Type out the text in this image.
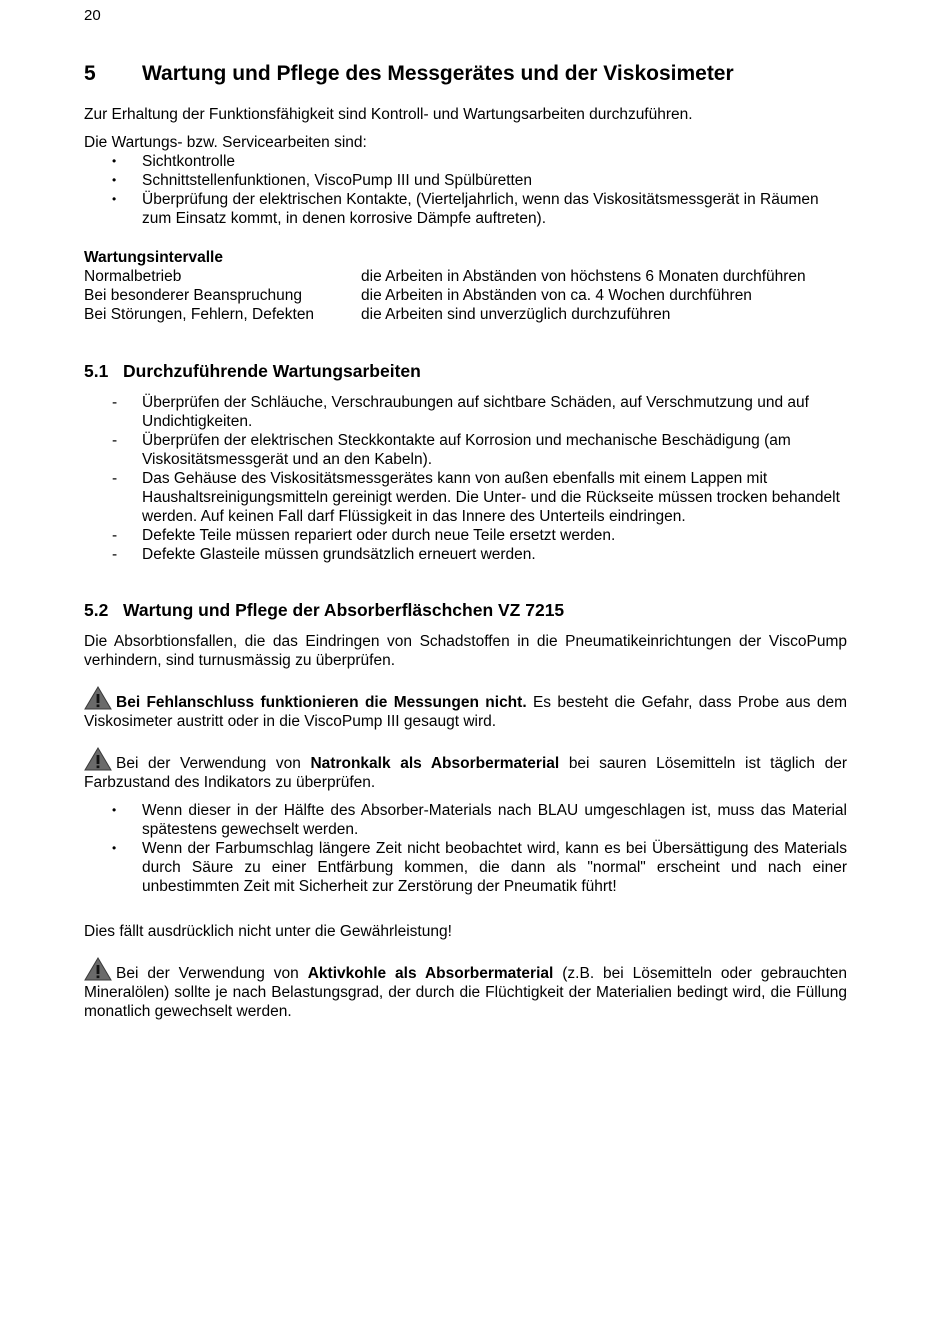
20
5 Wartung und Pflege des Messgerätes und der Viskosimeter

Zur Erhaltung der Funktionsfähigkeit sind Kontroll- und Wartungsarbeiten durchzuführen.

Die Wartungs- bzw. Servicearbeiten sind:

• Sichtkontrolle
• Schnittstellenfunktionen, ViscoPump III und Spülbüretten
• Überprüfung der elektrischen Kontakte, (Vierteljahrlich, wenn das Viskositätsmessgerät in Räumen zum Einsatz kommt, in denen korrosive Dämpfe auftreten).
Wartungsintervalle
Normalbetrieb	die Arbeiten in Abständen von höchstens 6 Monaten durchführen
Bei besonderer Beanspruchung	die Arbeiten in Abständen von ca. 4 Wochen durchführen
Bei Störungen, Fehlern, Defekten	die Arbeiten sind unverzüglich durchzuführen
5.1 Durchzuführende Wartungsarbeiten
- Überprüfen der Schläuche, Verschraubungen auf sichtbare Schäden, auf Verschmutzung und auf Undichtigkeiten.
- Überprüfen der elektrischen Steckkontakte auf Korrosion und mechanische Beschädigung (am Viskositätsmessgerät und an den Kabeln).
- Das Gehäuse des Viskositätsmessgerätes kann von außen ebenfalls mit einem Lappen mit Haushaltsreinigungsmitteln gereinigt werden. Die Unter- und die Rückseite müssen trocken behandelt werden. Auf keinen Fall darf Flüssigkeit in das Innere des Unterteils eindringen.
- Defekte Teile müssen repariert oder durch neue Teile ersetzt werden.
- Defekte Glasteile müssen grundsätzlich erneuert werden.
5.2 Wartung und Pflege der Absorberfläschchen VZ 7215

Die Absorbtionsfallen, die das Eindringen von Schadstoffen in die Pneumatikeinrichtungen der ViscoPump verhindern, sind turnusmässig zu überprüfen.

Bei Fehlanschluss funktionieren die Messungen nicht. Es besteht die Gefahr, dass Probe aus dem Viskosimeter austritt oder in die ViscoPump III gesaugt wird.

Bei der Verwendung von Natronkalk als Absorbermaterial bei sauren Lösemitteln ist täglich der Farbzustand des Indikators zu überprüfen.

• Wenn dieser in der Hälfte des Absorber-Materials nach BLAU umgeschlagen ist, muss das Material spätestens gewechselt werden.
• Wenn der Farbumschlag längere Zeit nicht beobachtet wird, kann es bei Übersättigung des Materials durch Säure zu einer Entfärbung kommen, die dann als "normal" erscheint und nach einer unbestimmten Zeit mit Sicherheit zur Zerstörung der Pneumatik führt!

Dies fällt ausdrücklich nicht unter die Gewährleistung!

Bei der Verwendung von Aktivkohle als Absorbermaterial (z.B. bei Lösemitteln oder gebrauchten Mineralölen) sollte je nach Belastungsgrad, der durch die Flüchtigkeit der Materialien bedingt wird, die Füllung monatlich gewechselt werden.
